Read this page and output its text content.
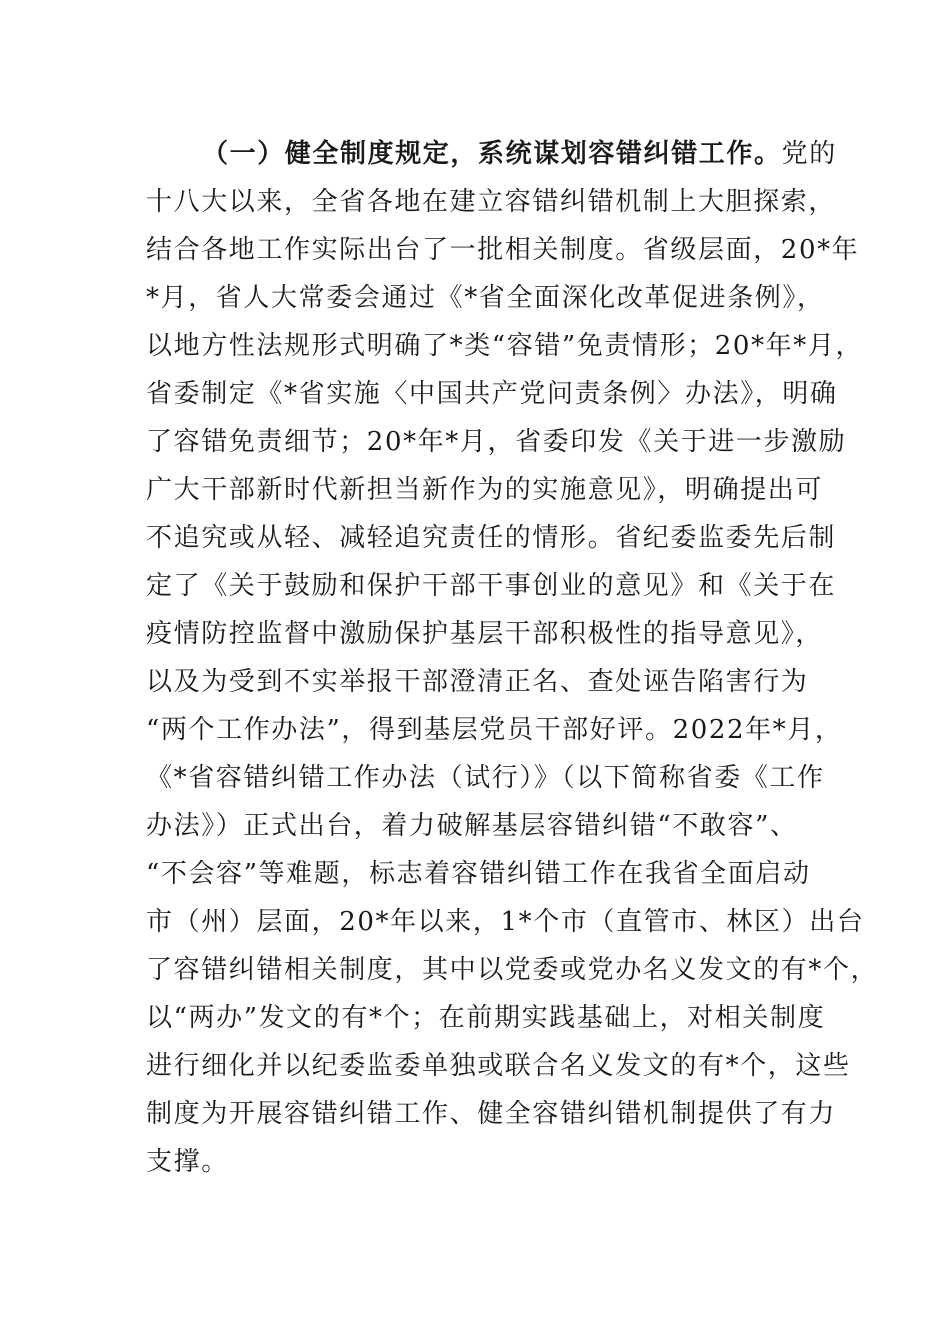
（一）健全制度规定，系统谋划容错纠错工作。党的
十八大以来，全省各地在建立容错纠错机制上大胆探索，
结合各地工作实际出台了一批相关制度。省级层面，20*年
*月，省人大常委会通过《*省全面深化改革促进条例》，
以地方性法规形式明确了*类“容错”免责情形；20*年*月，
省委制定《*省实施〈中国共产党问责条例〉办法》，明确
了容错免责细节；20*年*月，省委印发《关于进一步激励
广大干部新时代新担当新作为的实施意见》，明确提出可
不追究或从轻、减轻追究责任的情形。省纪委监委先后制
定了《关于鼓励和保护干部干事创业的意见》和《关于在
疫情防控监督中激励保护基层干部积极性的指导意见》，
以及为受到不实举报干部澄清正名、查处诬告陷害行为
“两个工作办法”，得到基层党员干部好评。2022年*月，
《*省容错纠错工作办法（试行）》（以下简称省委《工作
办法》）正式出台，着力破解基层容错纠错“不敢容”、
“不会容”等难题，标志着容错纠错工作在我省全面启动
市（州）层面，20*年以来，1*个市（直管市、林区）出台
了容错纠错相关制度，其中以党委或党办名义发文的有*个，
以“两办”发文的有*个；在前期实践基础上，对相关制度
进行细化并以纪委监委单独或联合名义发文的有*个，这些
制度为开展容错纠错工作、健全容错纠错机制提供了有力
支撑。
